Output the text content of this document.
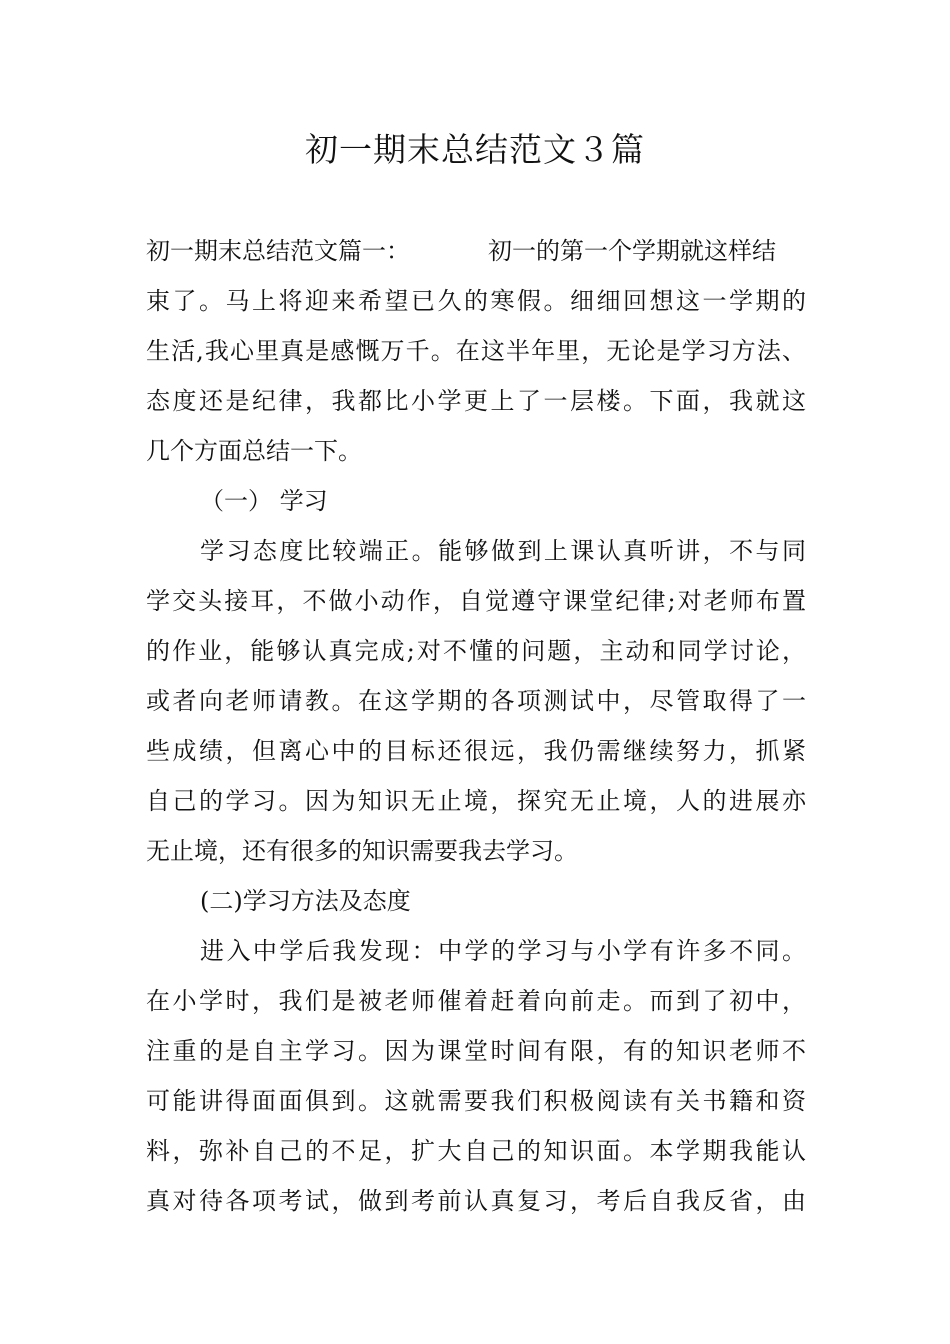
初一期末总结范文３篇
初一期末总结范文篇一：	初一的第一个学期就这样结
束了。马上将迎来希望已久的寒假。细细回想这一学期的
生活,我心里真是感慨万千。在这半年里，无论是学习方法、
态度还是纪律，我都比小学更上了一层楼。下面，我就这
几个方面总结一下。
（一） 学习
学习态度比较端正。能够做到上课认真听讲，不与同
学交头接耳，不做小动作，自觉遵守课堂纪律;对老师布置
的作业，能够认真完成;对不懂的问题，主动和同学讨论，
或者向老师请教。在这学期的各项测试中，尽管取得了一
些成绩，但离心中的目标还很远，我仍需继续努力，抓紧
自己的学习。因为知识无止境，探究无止境，人的进展亦
无止境，还有很多的知识需要我去学习。
(二)学习方法及态度
进入中学后我发现：中学的学习与小学有许多不同。
在小学时，我们是被老师催着赶着向前走。而到了初中，
注重的是自主学习。因为课堂时间有限，有的知识老师不
可能讲得面面俱到。这就需要我们积极阅读有关书籍和资
料，弥补自己的不足，扩大自己的知识面。本学期我能认
真对待各项考试，做到考前认真复习，考后自我反省，由
